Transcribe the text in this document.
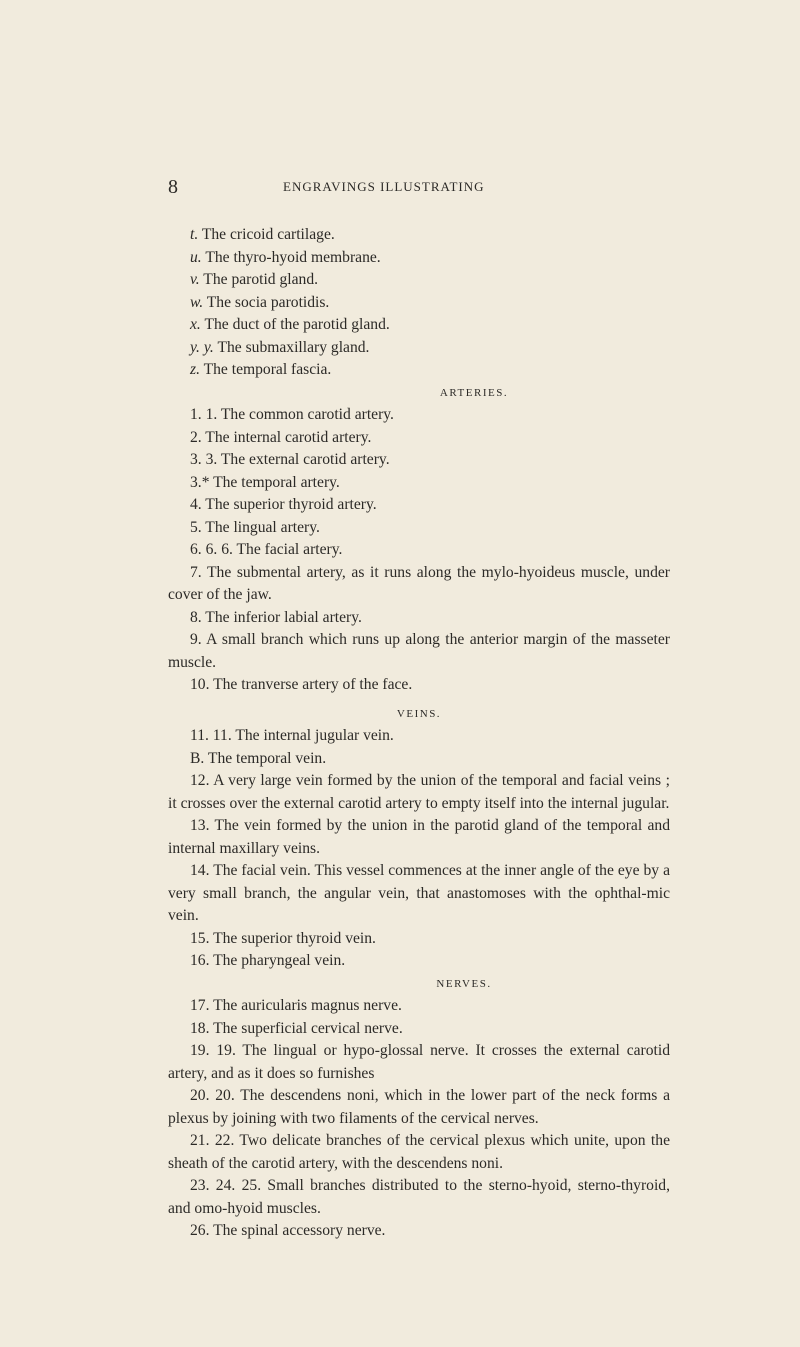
8	ENGRAVINGS ILLUSTRATING
t. The cricoid cartilage.
u. The thyro-hyoid membrane.
v. The parotid gland.
w. The socia parotidis.
x. The duct of the parotid gland.
y. y. The submaxillary gland.
z. The temporal fascia.
ARTERIES.
1. 1. The common carotid artery.
2. The internal carotid artery.
3. 3. The external carotid artery.
3.* The temporal artery.
4. The superior thyroid artery.
5. The lingual artery.
6. 6. 6. The facial artery.
7. The submental artery, as it runs along the mylo-hyoideus muscle, under cover of the jaw.
8. The inferior labial artery.
9. A small branch which runs up along the anterior margin of the masseter muscle.
10. The tranverse artery of the face.
VEINS.
11. 11. The internal jugular vein.
B. The temporal vein.
12. A very large vein formed by the union of the temporal and facial veins ; it crosses over the external carotid artery to empty itself into the internal jugular.
13. The vein formed by the union in the parotid gland of the temporal and internal maxillary veins.
14. The facial vein. This vessel commences at the inner angle of the eye by a very small branch, the angular vein, that anastomoses with the ophthal-mic vein.
15. The superior thyroid vein.
16. The pharyngeal vein.
NERVES.
17. The auricularis magnus nerve.
18. The superficial cervical nerve.
19. 19. The lingual or hypo-glossal nerve. It crosses the external carotid artery, and as it does so furnishes
20. 20. The descendens noni, which in the lower part of the neck forms a plexus by joining with two filaments of the cervical nerves.
21. 22. Two delicate branches of the cervical plexus which unite, upon the sheath of the carotid artery, with the descendens noni.
23. 24. 25. Small branches distributed to the sterno-hyoid, sterno-thyroid, and omo-hyoid muscles.
26. The spinal accessory nerve.
